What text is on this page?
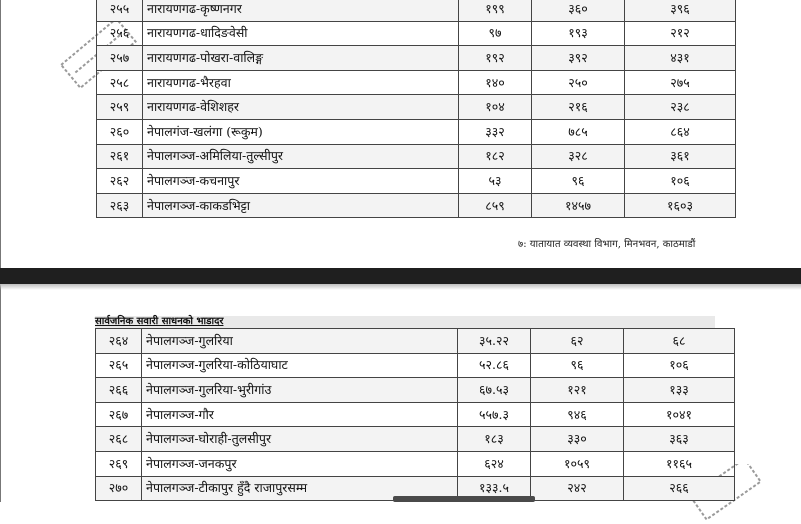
२५५	नारायणगढ-कृष्णनगर	१९९	३६०	३९६
२५६	नारायणगढ-धादिङवेसी	९७	१९३	२१२
२५७	नारायणगढ-पोखरा-वालिङ्ग	१९२	३९२	४३१
२५८	नारायणगढ-भैरहवा	१४०	२५०	२७५
२५९	नारायणगढ-वेशिशहर	१०४	२१६	२३८
२६०	नेपालगंज-खलंगा (रूकुम)	३३२	७८५	८६४
२६१	नेपालगञ्ज-अमिलिया-तुल्सीपुर	१८२	३२८	३६१
२६२	नेपालगञ्ज-कचनापुर	५३	९६	१०६
२६३	नेपालगञ्ज-काकडभिट्टा	८५९	१४५७	१६०३
७: यातायात व्यवस्था विभाग, मिनभवन, काठमाडौं
सार्वजनिक सवारी साधनको भाडादर
२६४	नेपालगञ्ज-गुलरिया	३५.२२	६२	६८
२६५	नेपालगञ्ज-गुलरिया-कोठियाघाट	५२.८६	९६	१०६
२६६	नेपालगञ्ज-गुलरिया-भुरीगांउ	६७.५३	१२१	१३३
२६७	नेपालगञ्ज-गौर	५५७.३	९४६	१०४१
२६८	नेपालगञ्ज-घोराही-तुलसीपुर	१८३	३३०	३६३
२६९	नेपालगञ्ज-जनकपुर	६२४	१०५९	११६५
२७०	नेपालगञ्ज-टीकापुर हुँदै राजापुरसम्म	१३३.५	२४२	२६६
